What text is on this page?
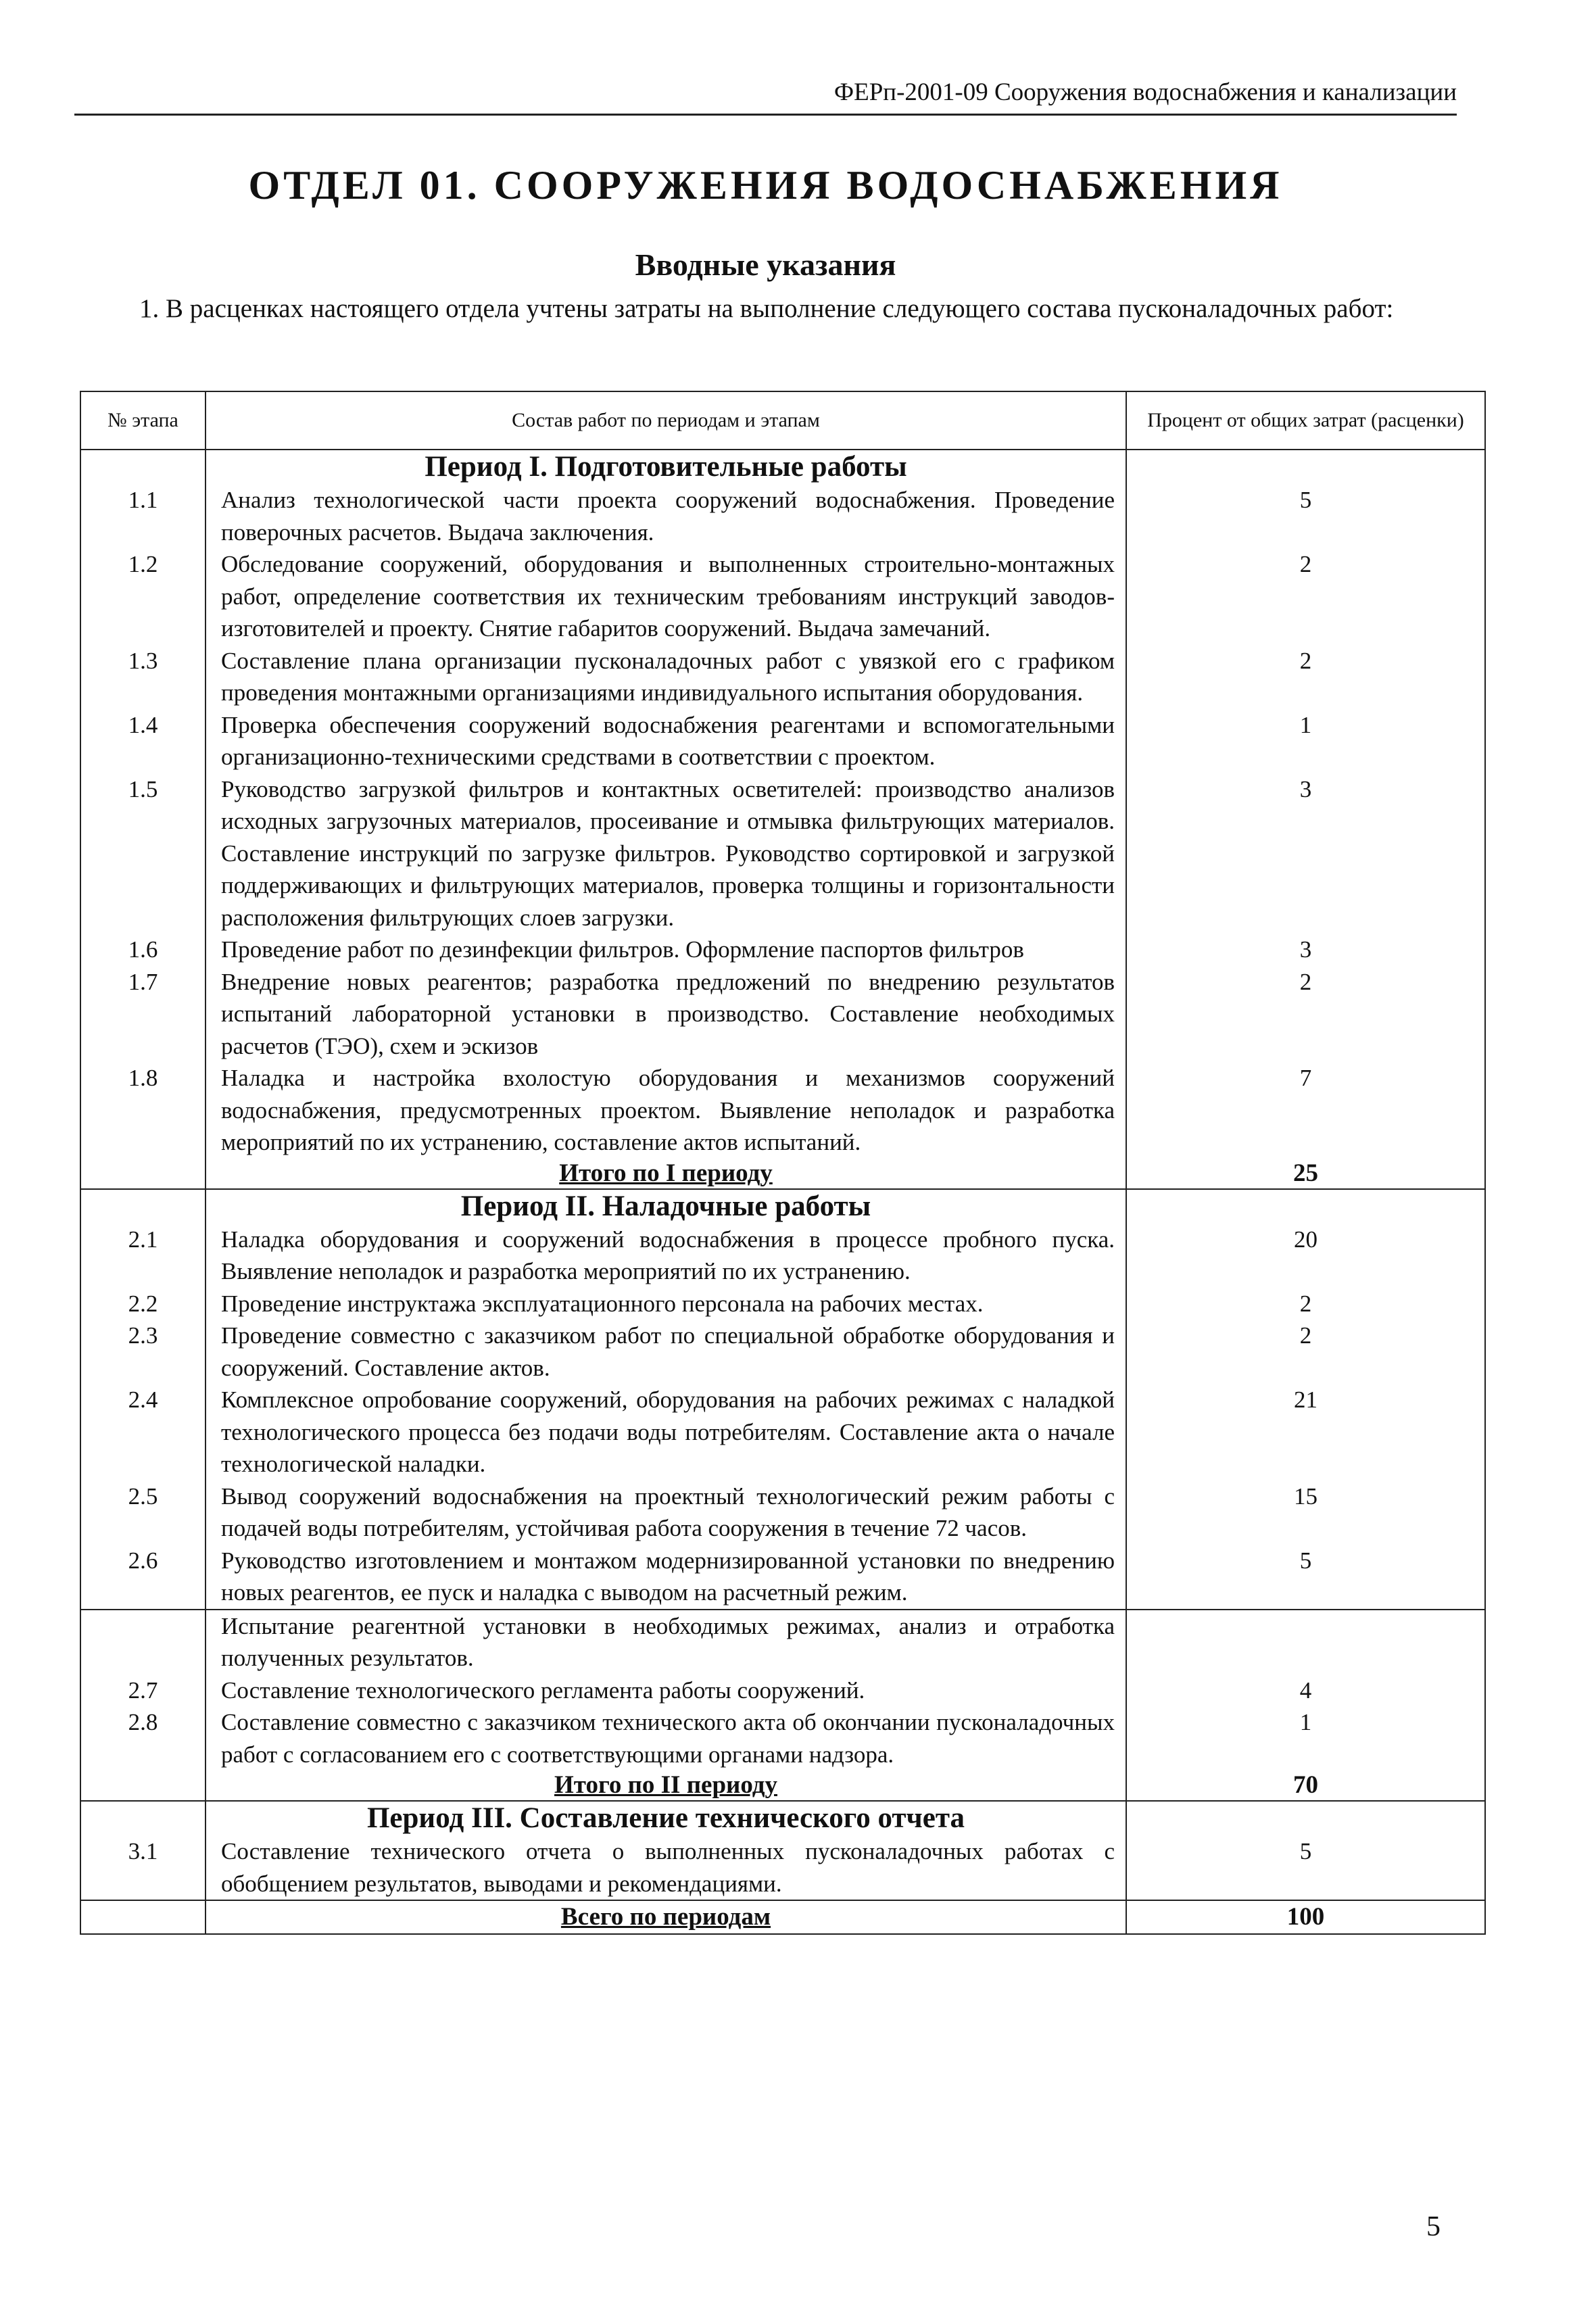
ФЕРп-2001-09 Сооружения водоснабжения и канализации
ОТДЕЛ 01. СООРУЖЕНИЯ ВОДОСНАБЖЕНИЯ
Вводные указания
1. В расценках настоящего отдела учтены затраты на выполнение следующего состава пусконаладочных работ:
№ этапа	Состав работ по периодам и этапам	Процент от общих затрат (расценки)
	Период I. Подготовительные работы	
1.1	Анализ технологической части проекта сооружений водоснабжения. Проведение поверочных расчетов. Выдача заключения.	5
1.2	Обследование сооружений, оборудования и выполненных строительно-монтажных работ, определение соответствия их техническим требованиям инструкций заводов-изготовителей и проекту. Снятие габаритов сооружений. Выдача замечаний.	2
1.3	Составление плана организации пусконаладочных работ с увязкой его с графиком проведения монтажными организациями индивидуального испытания оборудования.	2
1.4	Проверка обеспечения сооружений водоснабжения реагентами и вспомогательными организационно-техническими средствами в соответствии с проектом.	1
1.5	Руководство загрузкой фильтров и контактных осветителей: производство анализов исходных загрузочных материалов, просеивание и отмывка фильтрующих материалов. Составление инструкций по загрузке фильтров. Руководство сортировкой и загрузкой поддерживающих и фильтрующих материалов, проверка толщины и горизонтальности расположения фильтрующих слоев загрузки.	3
1.6	Проведение работ по дезинфекции фильтров. Оформление паспортов фильтров	3
1.7	Внедрение новых реагентов; разработка предложений по внедрению результатов испытаний лабораторной установки в производство. Составление необходимых расчетов (ТЭО), схем и эскизов	2
1.8	Наладка и настройка вхолостую оборудования и механизмов сооружений водоснабжения, предусмотренных проектом. Выявление неполадок и разработка мероприятий по их устранению, составление актов испытаний.	7
	Итого по I периоду	25
	Период II. Наладочные работы	
2.1	Наладка оборудования и сооружений водоснабжения в процессе пробного пуска. Выявление неполадок и разработка мероприятий по их устранению.	20
2.2	Проведение инструктажа эксплуатационного персонала на рабочих местах.	2
2.3	Проведение совместно с заказчиком работ по специальной обработке оборудования и сооружений. Составление актов.	2
2.4	Комплексное опробование сооружений, оборудования на рабочих режимах с наладкой технологического процесса без подачи воды потребителям. Составление акта о начале технологической наладки.	21
2.5	Вывод сооружений водоснабжения на проектный технологический режим работы с подачей воды потребителям, устойчивая работа сооружения в течение 72 часов.	15
2.6	Руководство изготовлением и монтажом модернизированной установки по внедрению новых реагентов, ее пуск и наладка с выводом на расчетный режим.	5
	Испытание реагентной установки в необходимых режимах, анализ и отработка полученных результатов.	
2.7	Составление технологического регламента работы сооружений.	4
2.8	Составление совместно с заказчиком технического акта об окончании пусконаладочных работ с согласованием его с соответствующими органами надзора.	1
	Итого по II периоду	70
	Период III. Составление технического отчета	
3.1	Составление технического отчета о выполненных пусконаладочных работах с обобщением результатов, выводами и рекомендациями.	5
	Всего по периодам	100
5
